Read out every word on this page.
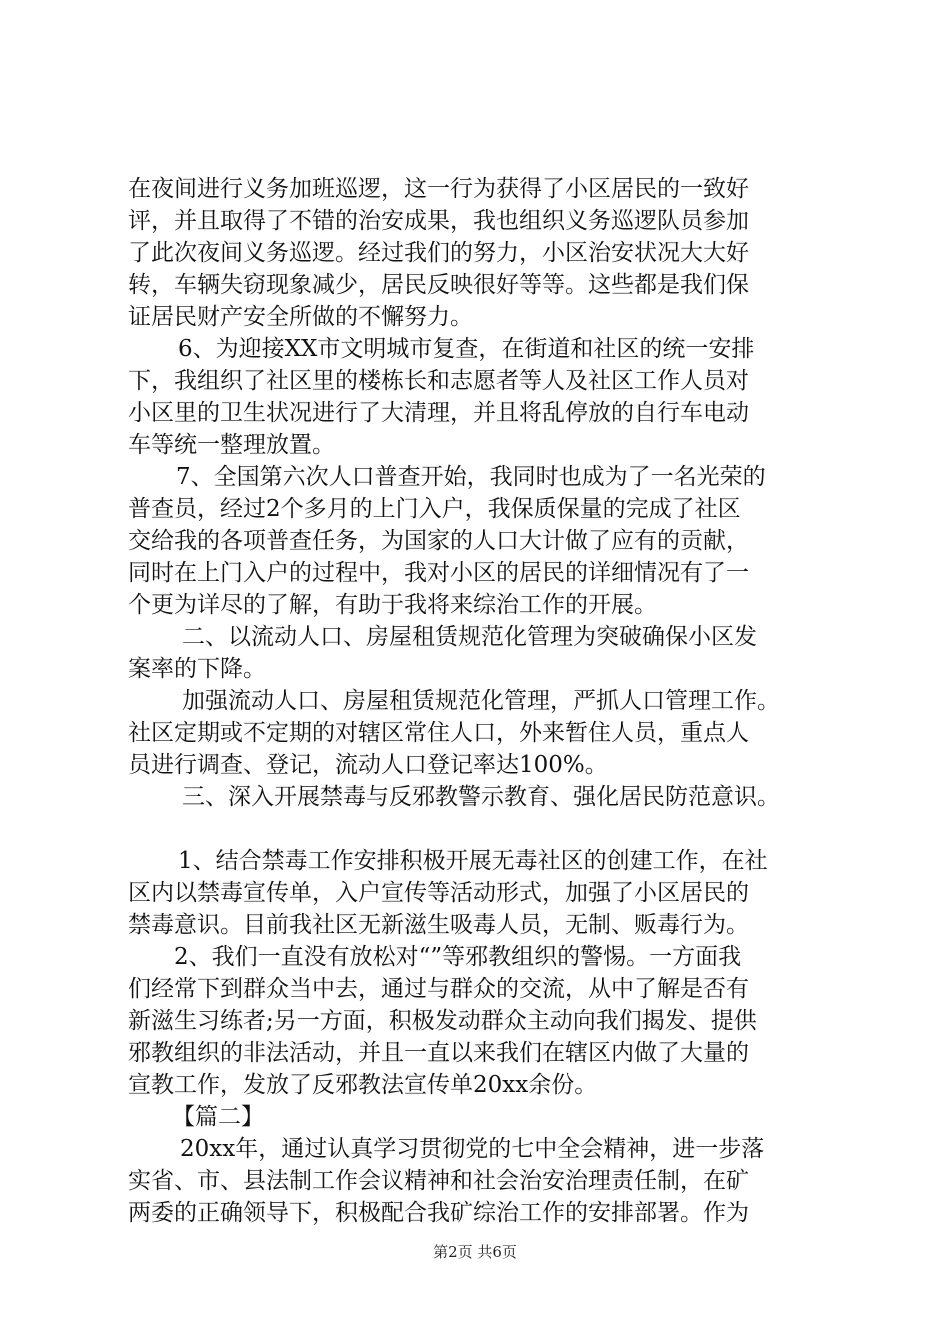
在夜间进行义务加班巡逻，这一行为获得了小区居民的一致好
评，并且取得了不错的治安成果，我也组织义务巡逻队员参加
了此次夜间义务巡逻。经过我们的努力，小区治安状况大大好
转，车辆失窃现象减少，居民反映很好等等。这些都是我们保
证居民财产安全所做的不懈努力。
6、为迎接XX市文明城市复查，在街道和社区的统一安排
下，我组织了社区里的楼栋长和志愿者等人及社区工作人员对
小区里的卫生状况进行了大清理，并且将乱停放的自行车电动
车等统一整理放置。
7、全国第六次人口普查开始，我同时也成为了一名光荣的
普查员，经过2个多月的上门入户，我保质保量的完成了社区
交给我的各项普查任务，为国家的人口大计做了应有的贡献，
同时在上门入户的过程中，我对小区的居民的详细情况有了一
个更为详尽的了解，有助于我将来综治工作的开展。
二、以流动人口、房屋租赁规范化管理为突破确保小区发
案率的下降。
加强流动人口、房屋租赁规范化管理，严抓人口管理工作。
社区定期或不定期的对辖区常住人口，外来暂住人员，重点人
员进行调查、登记，流动人口登记率达100%。
三、深入开展禁毒与反邪教警示教育、强化居民防范意识。
1、结合禁毒工作安排积极开展无毒社区的创建工作，在社
区内以禁毒宣传单，入户宣传等活动形式，加强了小区居民的
禁毒意识。目前我社区无新滋生吸毒人员，无制、贩毒行为。
2、我们一直没有放松对“”等邪教组织的警惕。一方面我
们经常下到群众当中去，通过与群众的交流，从中了解是否有
新滋生习练者;另一方面，积极发动群众主动向我们揭发、提供
邪教组织的非法活动，并且一直以来我们在辖区内做了大量的
宣教工作，发放了反邪教法宣传单20xx余份。
【篇二】
20xx年，通过认真学习贯彻党的七中全会精神，进一步落
实省、市、县法制工作会议精神和社会治安治理责任制，在矿
两委的正确领导下，积极配合我矿综治工作的安排部署。作为
第2页 共6页
